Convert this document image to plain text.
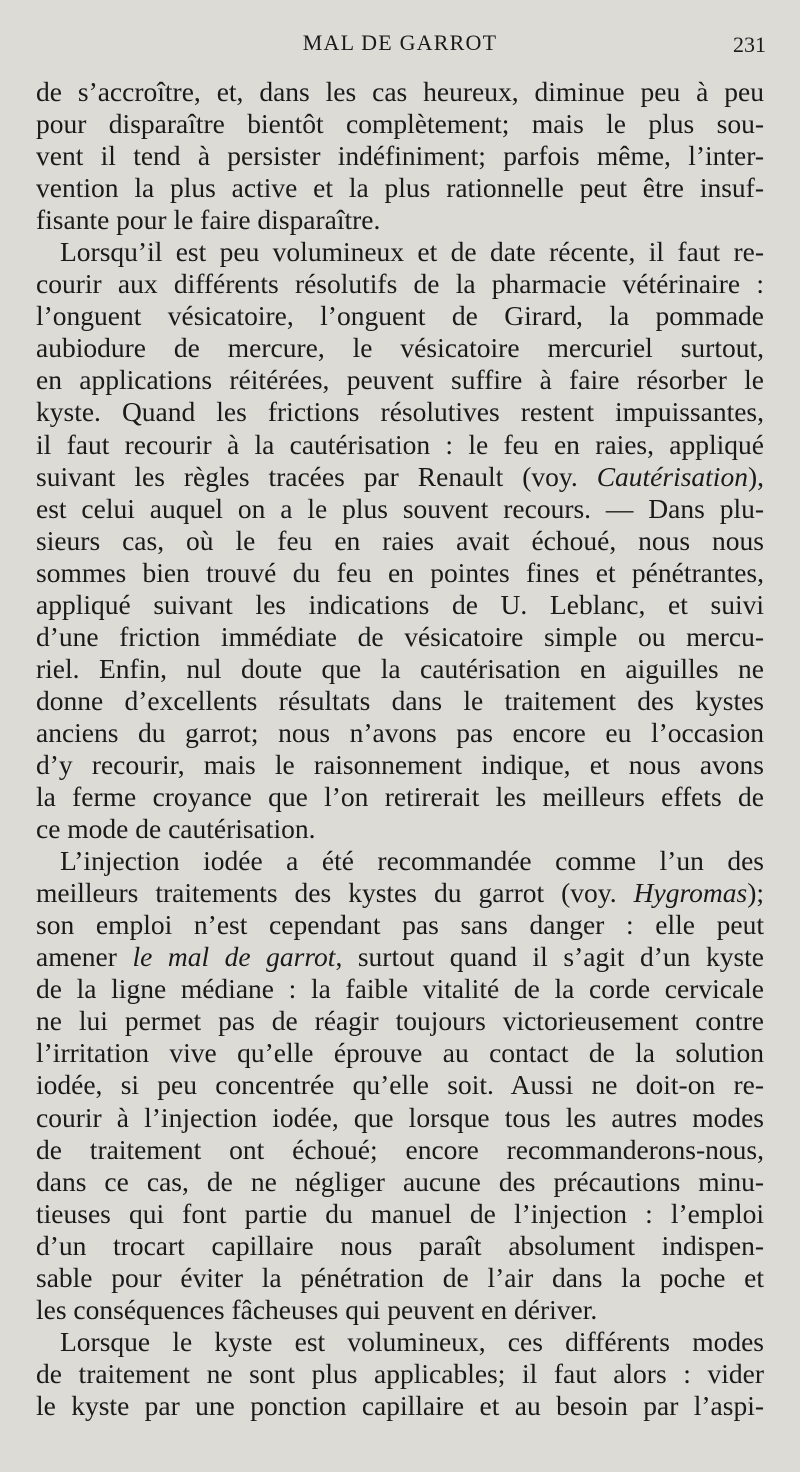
MAL DE GARROT	231
de s’accroître, et, dans les cas heureux, diminue peu à peu
pour disparaître bientôt complètement; mais le plus sou-
vent il tend à persister indéfiniment; parfois même, l’inter-
vention la plus active et la plus rationnelle peut être insuf-
fisante pour le faire disparaître.
Lorsqu’il est peu volumineux et de date récente, il faut re-
courir aux différents résolutifs de la pharmacie vétérinaire :
l’onguent vésicatoire, l’onguent de Girard, la pommade
aubiodure de mercure, le vésicatoire mercuriel surtout,
en applications réitérées, peuvent suffire à faire résorber le
kyste. Quand les frictions résolutives restent impuissantes,
il faut recourir à la cautérisation : le feu en raies, appliqué
suivant les règles tracées par Renault (voy. Cautérisation),
est celui auquel on a le plus souvent recours. — Dans plu-
sieurs cas, où le feu en raies avait échoué, nous nous
sommes bien trouvé du feu en pointes fines et pénétrantes,
appliqué suivant les indications de U. Leblanc, et suivi
d’une friction immédiate de vésicatoire simple ou mercu-
riel. Enfin, nul doute que la cautérisation en aiguilles ne
donne d’excellents résultats dans le traitement des kystes
anciens du garrot; nous n’avons pas encore eu l’occasion
d’y recourir, mais le raisonnement indique, et nous avons
la ferme croyance que l’on retirerait les meilleurs effets de
ce mode de cautérisation.
L’injection iodée a été recommandée comme l’un des
meilleurs traitements des kystes du garrot (voy. Hygromas);
son emploi n’est cependant pas sans danger : elle peut
amener le mal de garrot, surtout quand il s’agit d’un kyste
de la ligne médiane : la faible vitalité de la corde cervicale
ne lui permet pas de réagir toujours victorieusement contre
l’irritation vive qu’elle éprouve au contact de la solution
iodée, si peu concentrée qu’elle soit. Aussi ne doit-on re-
courir à l’injection iodée, que lorsque tous les autres modes
de traitement ont échoué; encore recommanderons-nous,
dans ce cas, de ne négliger aucune des précautions minu-
tieuses qui font partie du manuel de l’injection : l’emploi
d’un trocart capillaire nous paraît absolument indispen-
sable pour éviter la pénétration de l’air dans la poche et
les conséquences fâcheuses qui peuvent en dériver.
Lorsque le kyste est volumineux, ces différents modes
de traitement ne sont plus applicables; il faut alors : vider
le kyste par une ponction capillaire et au besoin par l’aspi-
